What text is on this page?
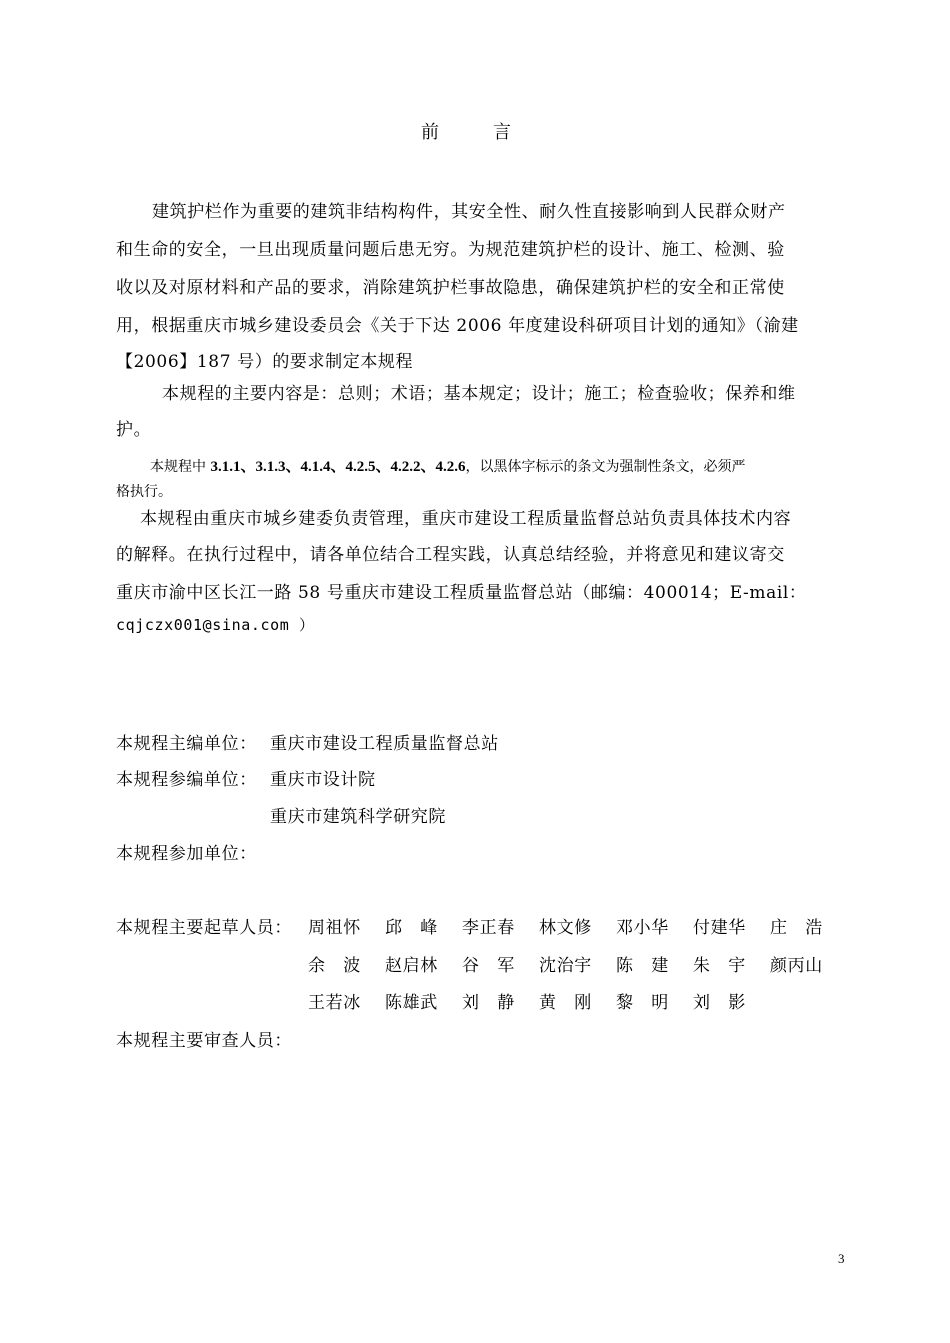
前　言
建筑护栏作为重要的建筑非结构构件，其安全性、耐久性直接影响到人民群众财产
和生命的安全，一旦出现质量问题后患无穷。为规范建筑护栏的设计、施工、检测、验
收以及对原材料和产品的要求，消除建筑护栏事故隐患，确保建筑护栏的安全和正常使
用，根据重庆市城乡建设委员会《关于下达 2006 年度建设科研项目计划的通知》（渝建
【2006】187 号）的要求制定本规程
本规程的主要内容是：总则；术语；基本规定；设计；施工；检查验收；保养和维
护。
本规程中 3.1.1、3.1.3、4.1.4、4.2.5、4.2.2、4.2.6，以黑体字标示的条文为强制性条文，必须严
格执行。
本规程由重庆市城乡建委负责管理，重庆市建设工程质量监督总站负责具体技术内容
的解释。在执行过程中，请各单位结合工程实践，认真总结经验，并将意见和建议寄交
重庆市渝中区长江一路 58 号重庆市建设工程质量监督总站（邮编：400014；E-mail：
cqjczx001@sina.com ）
本规程主编单位： 重庆市建设工程质量监督总站
本规程参编单位： 重庆市设计院
重庆市建筑科学研究院
本规程参加单位：
本规程主要起草人员： 周祖怀 邱　峰 李正春 林文修 邓小华 付建华 庄　浩
余　波 赵启林 谷　军 沈治宇 陈　建 朱　宇 颜丙山
王若冰 陈雄武 刘　静 黄　刚 黎　明 刘　影
本规程主要审查人员：
3
